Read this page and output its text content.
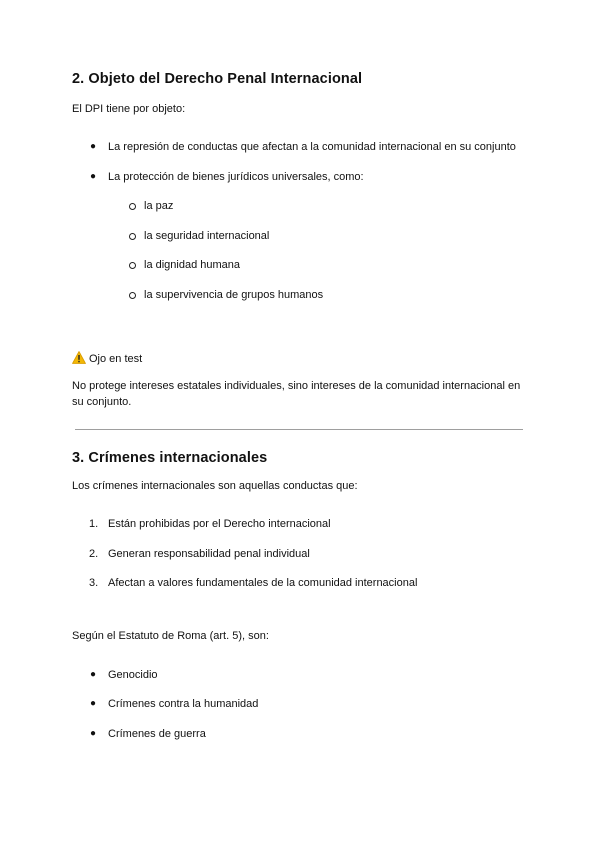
2. Objeto del Derecho Penal Internacional
El DPI tiene por objeto:
● La represión de conductas que afectan a la comunidad internacional en su conjunto
● La protección de bienes jurídicos universales, como:
la paz
la seguridad internacional
la dignidad humana
la supervivencia de grupos humanos
Ojo en test
No protege intereses estatales individuales, sino intereses de la comunidad internacional en
su conjunto.
3. Crímenes internacionales
Los crímenes internacionales son aquellas conductas que:
1. Están prohibidas por el Derecho internacional
2. Generan responsabilidad penal individual
3. Afectan a valores fundamentales de la comunidad internacional
Según el Estatuto de Roma (art. 5), son:
● Genocidio
● Crímenes contra la humanidad
● Crímenes de guerra
